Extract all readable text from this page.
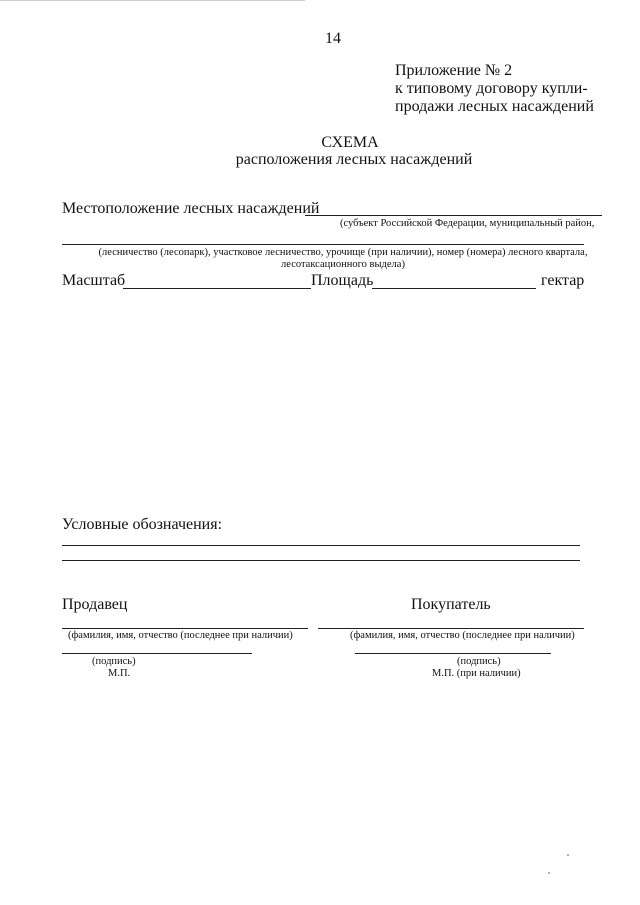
14
Приложение № 2
к типовому договору купли-
продажи лесных насаждений
СХЕМА
расположения лесных насаждений
Местоположение лесных насаждений
(субъект Российской Федерации, муниципальный район,
(лесничество (лесопарк), участковое лесничество, урочище (при наличии), номер (номера) лесного квартала,
лесотаксационного выдела)
Масштаб	Площадь	гектар
Условные обозначения:
Продавец
(фамилия, имя, отчество (последнее при наличии)
(подпись)
М.П.
Покупатель
(фамилия, имя, отчество (последнее при наличии)
(подпись)
М.П. (при наличии)
